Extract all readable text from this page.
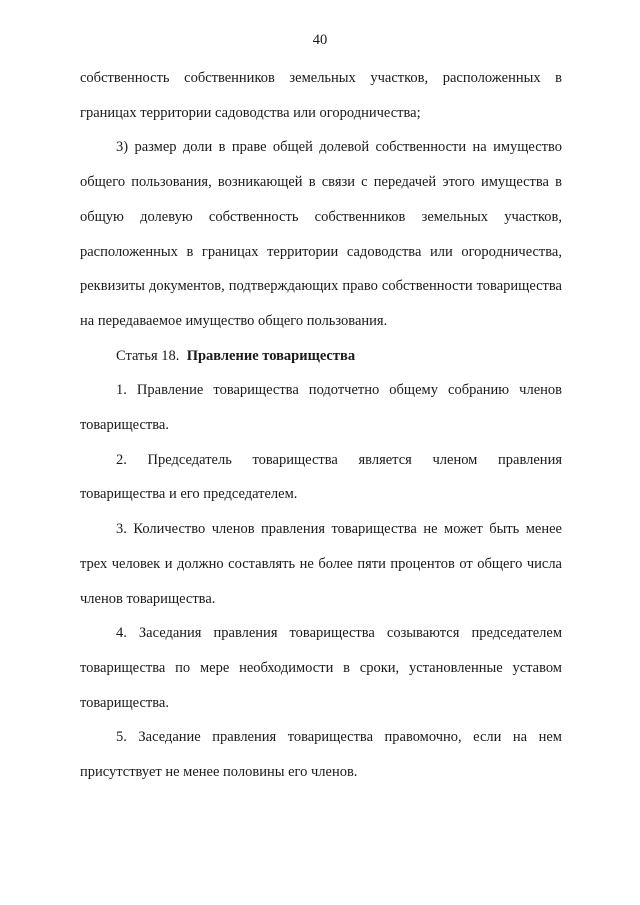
40

собственность собственников земельных участков, расположенных в границах территории садоводства или огородничества;

3) размер доли в праве общей долевой собственности на имущество общего пользования, возникающей в связи с передачей этого имущества в общую долевую собственность собственников земельных участков, расположенных в границах территории садоводства или огородничества, реквизиты документов, подтверждающих право собственности товарищества на передаваемое имущество общего пользования.

Статья 18. Правление товарищества

1. Правление товарищества подотчетно общему собранию членов товарищества.

2. Председатель товарищества является членом правления товарищества и его председателем.

3. Количество членов правления товарищества не может быть менее трех человек и должно составлять не более пяти процентов от общего числа членов товарищества.

4. Заседания правления товарищества созываются председателем товарищества по мере необходимости в сроки, установленные уставом товарищества.

5. Заседание правления товарищества правомочно, если на нем присутствует не менее половины его членов.
